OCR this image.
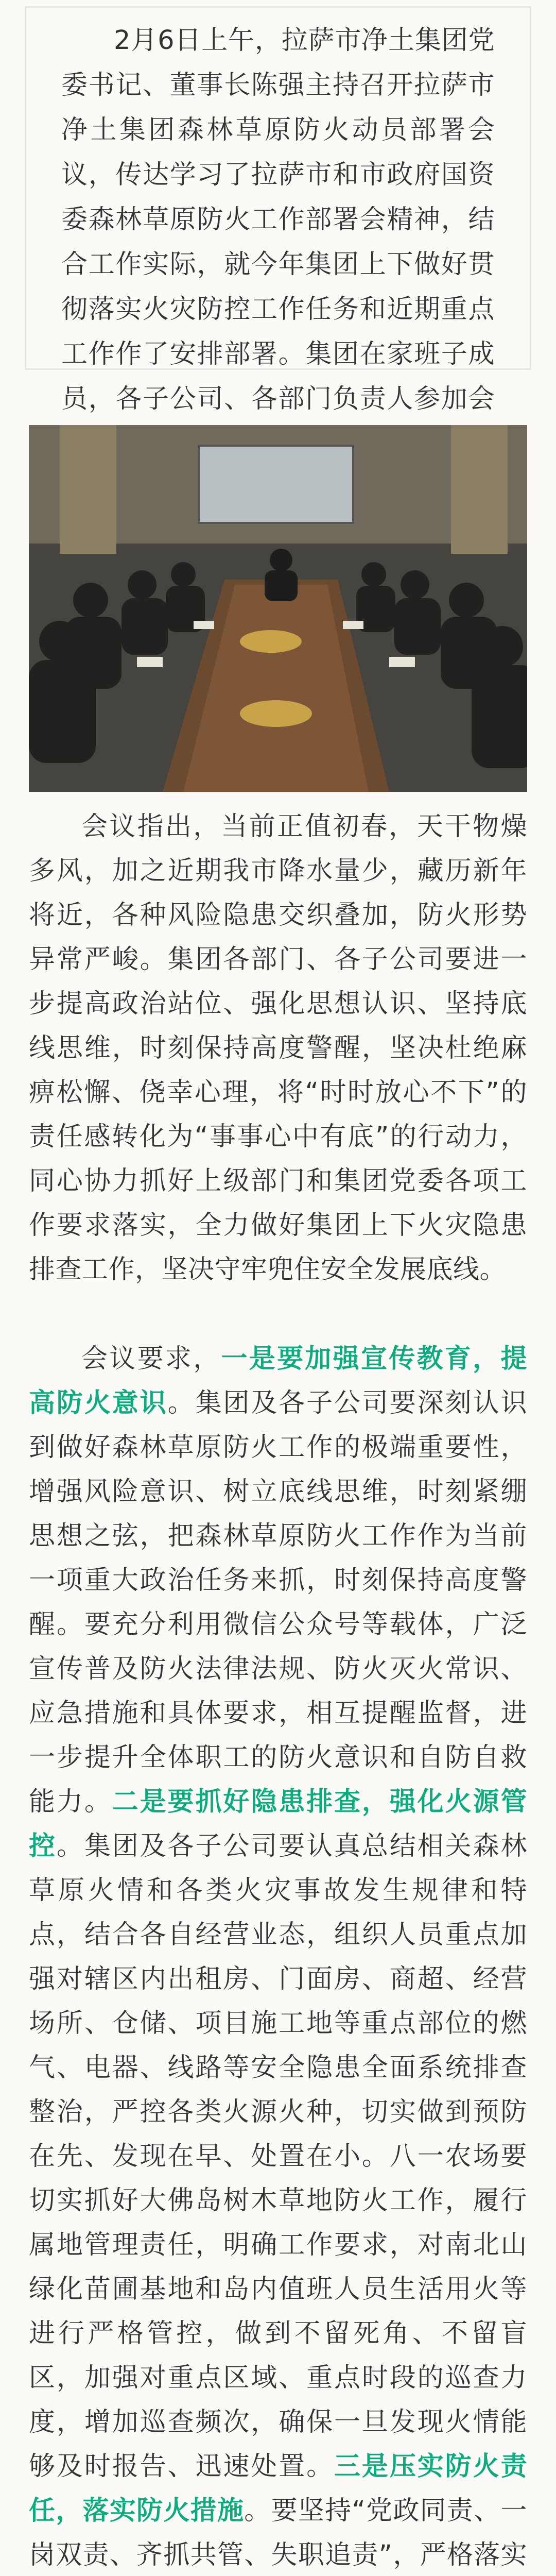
2月6日上午，拉萨市净土集团党委书记、董事长陈强主持召开拉萨市净土集团森林草原防火动员部署会议，传达学习了拉萨市和市政府国资委森林草原防火工作部署会精神，结合工作实际，就今年集团上下做好贯彻落实火灾防控工作任务和近期重点工作作了安排部署。集团在家班子成员，各子公司、各部门负责人参加会

会议指出，当前正值初春，天干物燥多风，加之近期我市降水量少，藏历新年将近，各种风险隐患交织叠加，防火形势异常严峻。集团各部门、各子公司要进一步提高政治站位、强化思想认识、坚持底线思维，时刻保持高度警醒，坚决杜绝麻痹松懈、侥幸心理，将“时时放心不下”的责任感转化为“事事心中有底”的行动力，同心协力抓好上级部门和集团党委各项工作要求落实，全力做好集团上下火灾隐患排查工作，坚决守牢兜住安全发展底线。

会议要求，一是要加强宣传教育，提高防火意识。集团及各子公司要深刻认识到做好森林草原防火工作的极端重要性，增强风险意识、树立底线思维，时刻紧绷思想之弦，把森林草原防火工作作为当前一项重大政治任务来抓，时刻保持高度警醒。要充分利用微信公众号等载体，广泛宣传普及防火法律法规、防火灭火常识、应急措施和具体要求，相互提醒监督，进一步提升全体职工的防火意识和自防自救能力。二是要抓好隐患排查，强化火源管控。集团及各子公司要认真总结相关森林草原火情和各类火灾事故发生规律和特点，结合各自经营业态，组织人员重点加强对辖区内出租房、门面房、商超、经营场所、仓储、项目施工地等重点部位的燃气、电器、线路等安全隐患全面系统排查整治，严控各类火源火种，切实做到预防在先、发现在早、处置在小。八一农场要切实抓好大佛岛树木草地防火工作，履行属地管理责任，明确工作要求，对南北山绿化苗圃基地和岛内值班人员生活用火等进行严格管控，做到不留死角、不留盲区，加强对重点区域、重点时段的巡查力度，增加巡查频次，确保一旦发现火情能够及时报告、迅速处置。三是压实防火责任，落实防火措施。要坚持“党政同责、一岗双责、齐抓共管、失职追责”，严格落实
